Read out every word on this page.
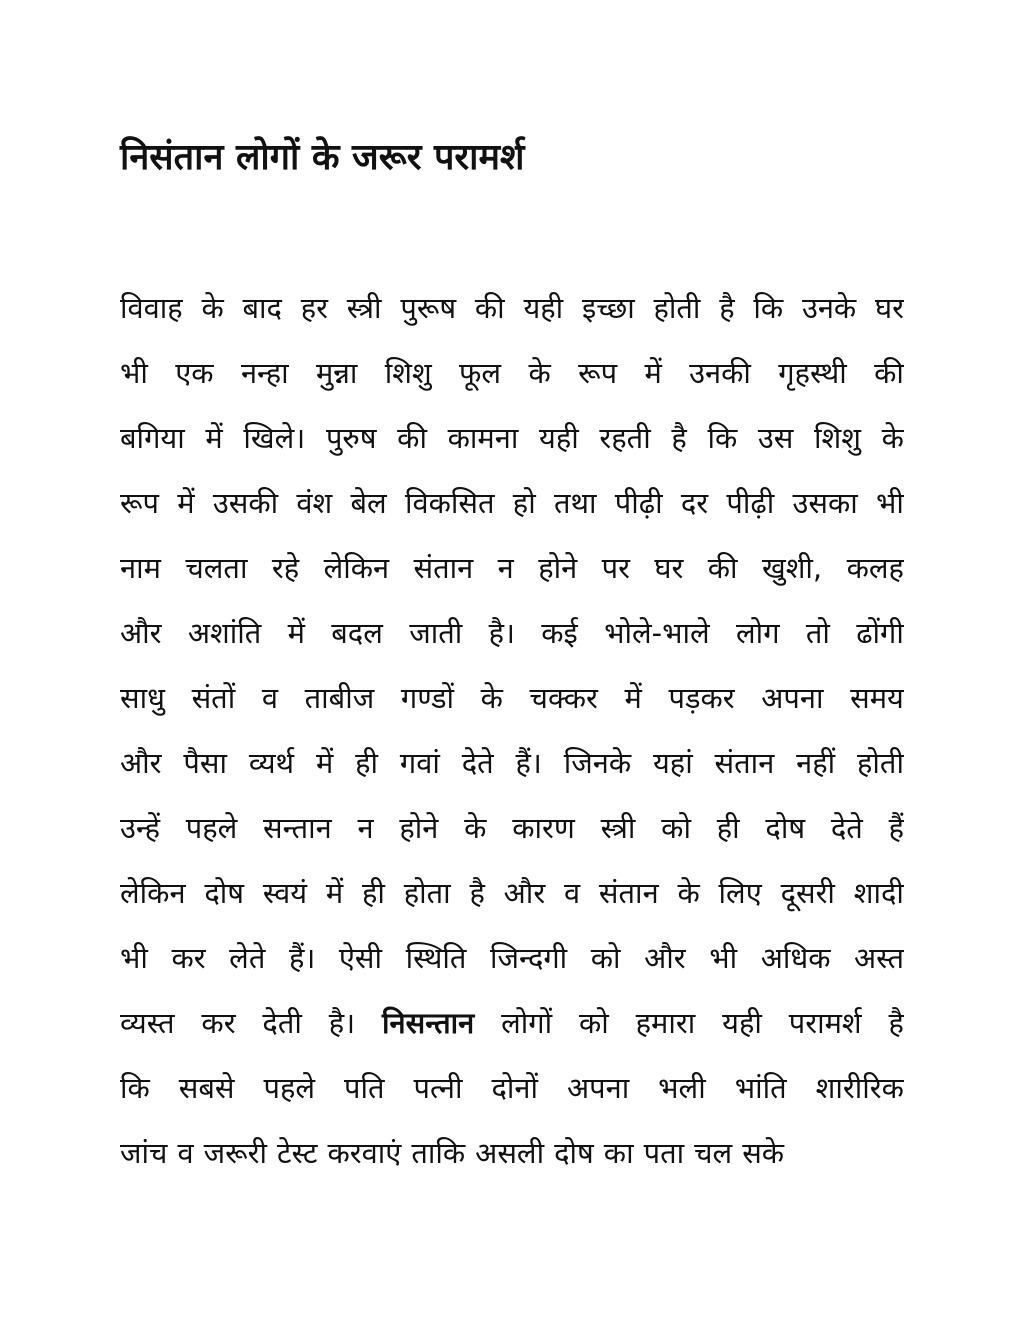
निसंतान लोगों के जरूर परामर्श
विवाह के बाद हर स्त्री पुरूष की यही इच्छा होती है कि उनके घर
भी एक नन्हा मुन्ना शिशु फूल के रूप में उनकी गृहस्थी की
बगिया में खिले। पुरुष की कामना यही रहती है कि उस शिशु के
रूप में उसकी वंश बेल विकसित हो तथा पीढ़ी दर पीढ़ी उसका भी
नाम चलता रहे लेकिन संतान न होने पर घर की खुशी, कलह
और अशांति में बदल जाती है। कई भोले-भाले लोग तो ढोंगी
साधु संतों व ताबीज गण्डों के चक्कर में पड़कर अपना समय
और पैसा व्यर्थ में ही गवां देते हैं। जिनके यहां संतान नहीं होती
उन्हें पहले सन्तान न होने के कारण स्त्री को ही दोष देते हैं
लेकिन दोष स्वयं में ही होता है और व संतान के लिए दूसरी शादी
भी कर लेते हैं। ऐसी स्थिति जिन्दगी को और भी अधिक अस्त
व्यस्त कर देती है। निसन्तान लोगों को हमारा यही परामर्श है
कि सबसे पहले पति पत्नी दोनों अपना भली भांति शारीरिक
जांच व जरूरी टेस्ट करवाएं ताकि असली दोष का पता चल सके
